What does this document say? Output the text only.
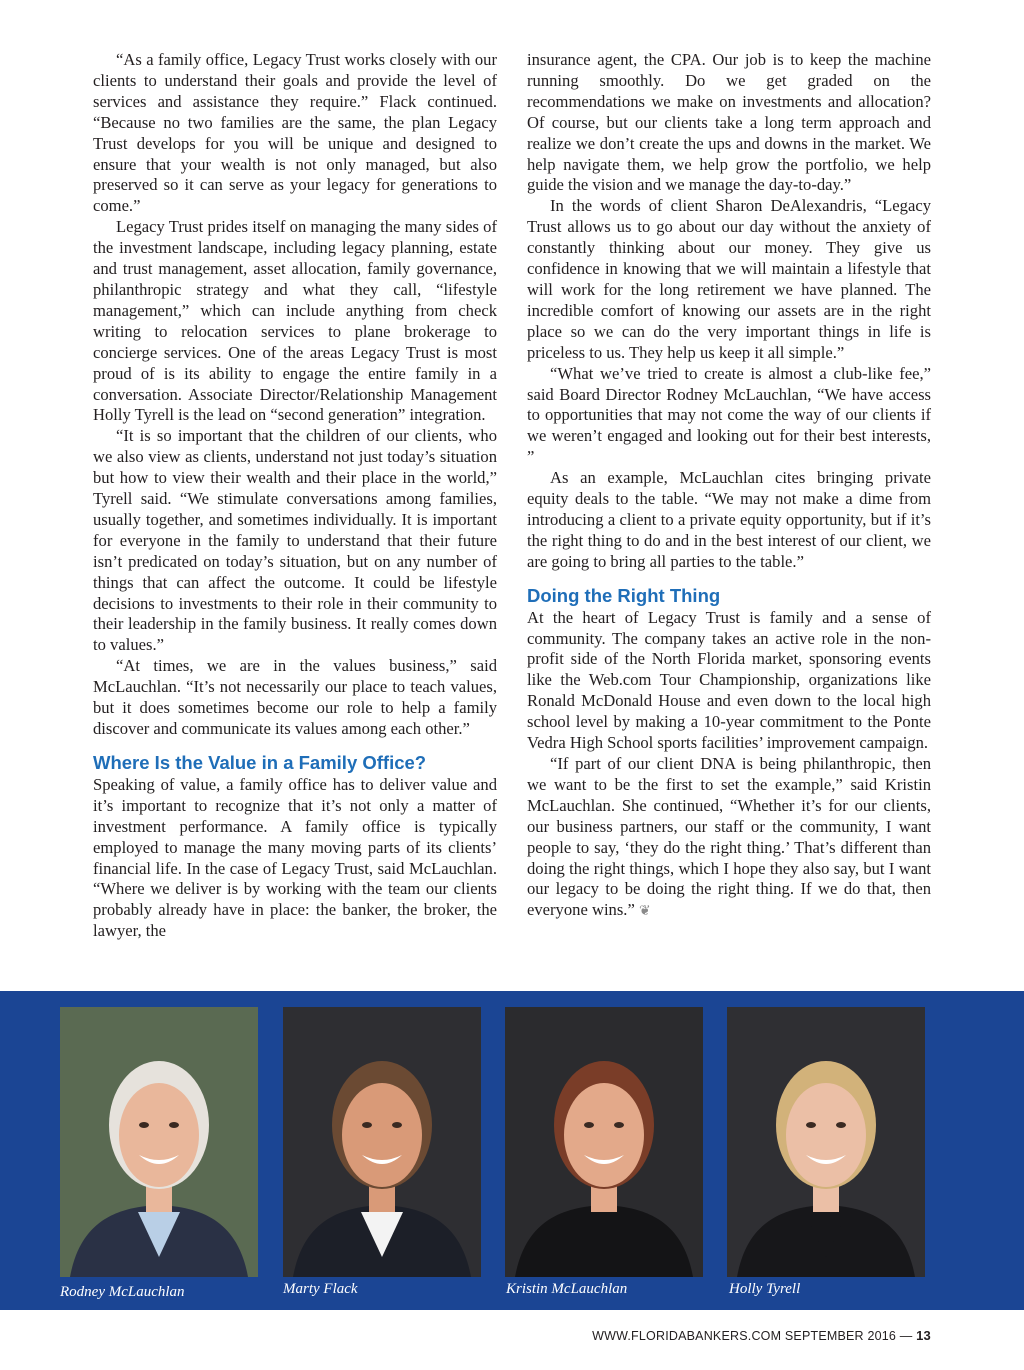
“As a family office, Legacy Trust works closely with our clients to understand their goals and provide the level of services and assistance they require.” Flack continued. “Because no two families are the same, the plan Legacy Trust develops for you will be unique and designed to ensure that your wealth is not only managed, but also preserved so it can serve as your legacy for generations to come.”

Legacy Trust prides itself on managing the many sides of the investment landscape, including legacy planning, estate and trust management, asset allocation, family governance, philanthropic strategy and what they call, “lifestyle management,” which can include anything from check writing to relocation services to plane brokerage to concierge services. One of the areas Legacy Trust is most proud of is its ability to engage the entire family in a conversation. Associate Director/Relationship Management Holly Tyrell is the lead on “second generation” integration.

“It is so important that the children of our clients, who we also view as clients, understand not just today’s situation but how to view their wealth and their place in the world,” Tyrell said. “We stimulate conversations among families, usually together, and sometimes individually. It is important for everyone in the family to understand that their future isn’t predicated on today’s situation, but on any number of things that can affect the outcome. It could be lifestyle decisions to investments to their role in their community to their leadership in the family business. It really comes down to values.”

“At times, we are in the values business,” said McLauchlan. “It’s not necessarily our place to teach values, but it does sometimes become our role to help a family discover and communicate its values among each other.”

Where Is the Value in a Family Office?

Speaking of value, a family office has to deliver value and it’s important to recognize that it’s not only a matter of investment performance. A family office is typically employed to manage the many moving parts of its clients’ financial life. In the case of Legacy Trust, said McLauchlan. “Where we deliver is by working with the team our clients probably already have in place: the banker, the broker, the lawyer, the

insurance agent, the CPA. Our job is to keep the machine running smoothly. Do we get graded on the recommendations we make on investments and allocation? Of course, but our clients take a long term approach and realize we don’t create the ups and downs in the market. We help navigate them, we help grow the portfolio, we help guide the vision and we manage the day-to-day.”

In the words of client Sharon DeAlexandris, “Legacy Trust allows us to go about our day without the anxiety of constantly thinking about our money. They give us confidence in knowing that we will maintain a lifestyle that will work for the long retirement we have planned. The incredible comfort of knowing our assets are in the right place so we can do the very important things in life is priceless to us. They help us keep it all simple.”

“What we’ve tried to create is almost a club-like fee,” said Board Director Rodney McLauchlan, “We have access to opportunities that may not come the way of our clients if we weren’t engaged and looking out for their best interests, ”

As an example, McLauchlan cites bringing private equity deals to the table. “We may not make a dime from introducing a client to a private equity opportunity, but if it’s the right thing to do and in the best interest of our client, we are going to bring all parties to the table.”

Doing the Right Thing

At the heart of Legacy Trust is family and a sense of community. The company takes an active role in the non-profit side of the North Florida market, sponsoring events like the Web.com Tour Championship, organizations like Ronald McDonald House and even down to the local high school level by making a 10-year commitment to the Ponte Vedra High School sports facilities’ improvement campaign.

“If part of our client DNA is being philanthropic, then we want to be the first to set the example,” said Kristin McLauchlan. She continued, “Whether it’s for our clients, our business partners, our staff or the community, I want people to say, ‘they do the right thing.’ That’s different than doing the right things, which I hope they also say, but I want our legacy to be doing the right thing. If we do that, then everyone wins.” ❦

Rodney McLauchlan	Marty Flack	Kristin McLauchlan	Holly Tyrell
WWW.FLORIDABANKERS.COM SEPTEMBER 2016 — 13
